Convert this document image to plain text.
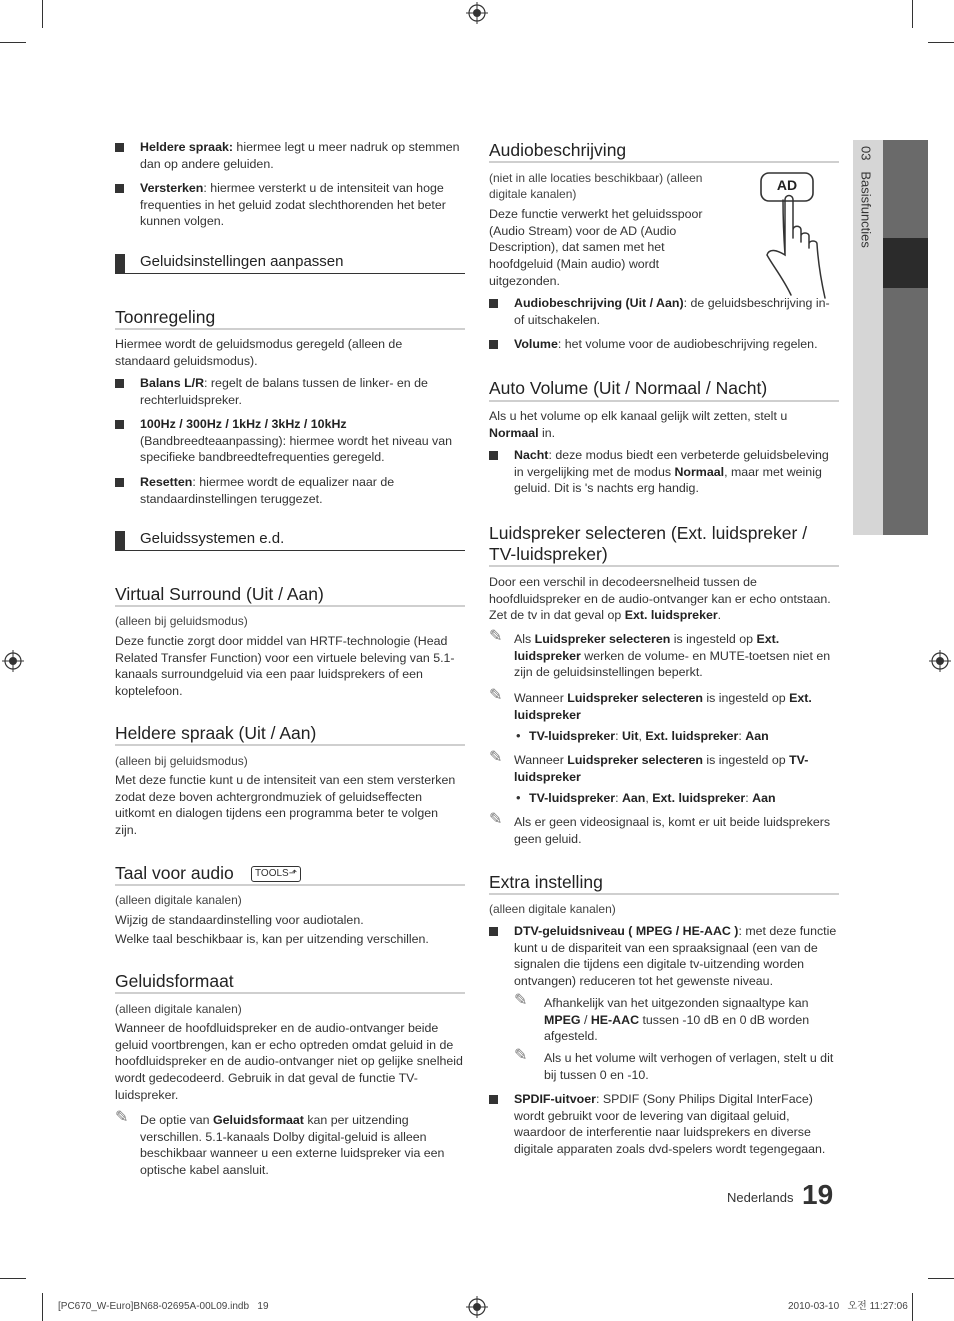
03   Basisfuncties
Heldere spraak: hiermee legt u meer nadruk op stemmen dan op andere geluiden.
Versterken: hiermee versterkt u de intensiteit van hoge frequenties in het geluid zodat slechthorenden het beter kunnen volgen.
Geluidsinstellingen aanpassen
Toonregeling
Hiermee wordt de geluidsmodus geregeld (alleen de standaard geluidsmodus).
Balans L/R: regelt de balans tussen de linker- en de rechterluidspreker.
100Hz / 300Hz / 1kHz / 3kHz / 10kHz
(Bandbreedteaanpassing): hiermee wordt het niveau van specifieke bandbreedtefrequenties geregeld.
Resetten: hiermee wordt de equalizer naar de standaardinstellingen teruggezet.
Geluidssystemen e.d.
Virtual Surround (Uit / Aan)
(alleen bij geluidsmodus)
Deze functie zorgt door middel van HRTF-technologie (Head Related Transfer Function) voor een virtuele beleving van 5.1-kanaals surroundgeluid via een paar luidsprekers of een koptelefoon.
Heldere spraak (Uit / Aan)
(alleen bij geluidsmodus)
Met deze functie kunt u de intensiteit van een stem versterken zodat deze boven achtergrondmuziek of geluidseffecten uitkomt en dialogen tijdens een programma beter te volgen zijn.
Taal voor audio	TOOLS⬏
(alleen digitale kanalen)
Wijzig de standaardinstelling voor audiotalen.
Welke taal beschikbaar is, kan per uitzending verschillen.
Geluidsformaat
(alleen digitale kanalen)
Wanneer de hoofdluidspreker en de audio-ontvanger beide geluid voortbrengen, kan er echo optreden omdat geluid in de hoofdluidspreker en de audio-ontvanger niet op gelijke snelheid wordt gedecodeerd. Gebruik in dat geval de functie TV-luidspreker.
✎ De optie van Geluidsformaat kan per uitzending verschillen. 5.1-kanaals Dolby digital-geluid is alleen beschikbaar wanneer u een externe luidspreker via een optische kabel aansluit.
Audiobeschrijving
(niet in alle locaties beschikbaar) (alleen digitale kanalen)
Deze functie verwerkt het geluidsspoor (Audio Stream) voor de AD (Audio Description), dat samen met het hoofdgeluid (Main audio) wordt uitgezonden.
AD
Audiobeschrijving (Uit / Aan): de geluidsbeschrijving in- of uitschakelen.
Volume: het volume voor de audiobeschrijving regelen.
Auto Volume (Uit / Normaal / Nacht)
Als u het volume op elk kanaal gelijk wilt zetten, stelt u Normaal in.
Nacht: deze modus biedt een verbeterde geluidsbeleving in vergelijking met de modus Normaal, maar met weinig geluid. Dit is 's nachts erg handig.
Luidspreker selecteren (Ext. luidspreker /
TV-luidspreker)
Door een verschil in decodeersnelheid tussen de hoofdluidspreker en de audio-ontvanger kan er echo ontstaan. Zet de tv in dat geval op Ext. luidspreker.
✎ Als Luidspreker selecteren is ingesteld op Ext. luidspreker werken de volume- en MUTE-toetsen niet en zijn de geluidsinstellingen beperkt.
✎ Wanneer Luidspreker selecteren is ingesteld op Ext. luidspreker
• TV-luidspreker: Uit, Ext. luidspreker: Aan
✎ Wanneer Luidspreker selecteren is ingesteld op TV-luidspreker
• TV-luidspreker: Aan, Ext. luidspreker: Aan
✎ Als er geen videosignaal is, komt er uit beide luidsprekers geen geluid.
Extra instelling
(alleen digitale kanalen)
DTV-geluidsniveau ( MPEG / HE-AAC ): met deze functie kunt u de dispariteit van een spraaksignaal (een van de signalen die tijdens een digitale tv-uitzending worden ontvangen) reduceren tot het gewenste niveau.
✎ Afhankelijk van het uitgezonden signaaltype kan MPEG / HE-AAC tussen -10 dB en 0 dB worden afgesteld.
✎ Als u het volume wilt verhogen of verlagen, stelt u dit bij tussen 0 en -10.
SPDIF-uitvoer: SPDIF (Sony Philips Digital InterFace) wordt gebruikt voor de levering van digitaal geluid, waardoor de interferentie naar luidsprekers en diverse digitale apparaten zoals dvd-spelers wordt tegengegaan.
Nederlands 19
[PC670_W-Euro]BN68-02695A-00L09.indb   19	2010-03-10   오전 11:27:06
